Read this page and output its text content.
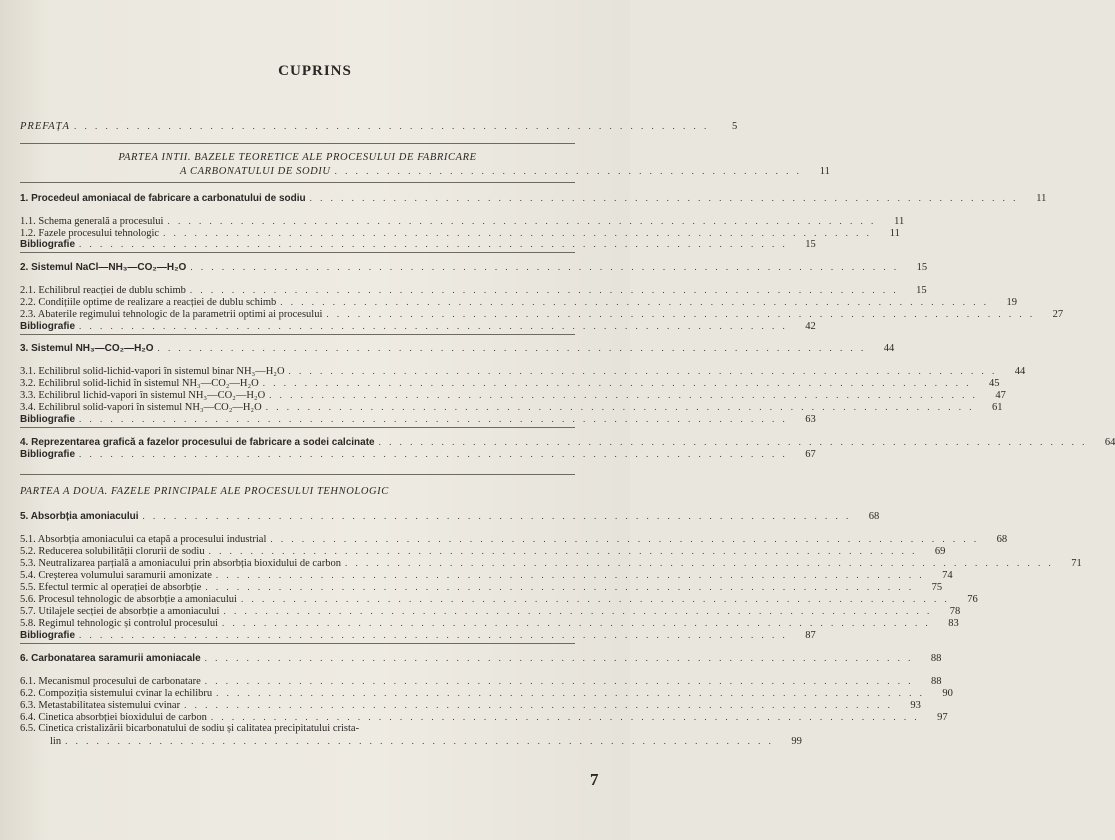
CUPRINS
PREFAȚA . . . . . . . . . . . . . . . . . . . . . . . . . . . . . . . . . . . . . . . . . . . . . . . . . . . . . . . . . . . . .	5
PARTEA INTII. BAZELE TEORETICE ALE PROCESULUI DE FABRICARE
A CARBONATULUI DE SODIU . . . . . . . . . . . . . . . . . . . . . . . . . . . . . . . . . . . . . . . . . . . . .	11
1. Procedeul amoniacal de fabricare a carbonatului de sodiu . . . . . . . . . . . . . . . . . . . . . . . . . . . . . . . . . . . . . . . . . . . . . . . . . . . . . . . . . . . . . . . . . . . .	11
1.1. Schema generală a procesului . . . . . . . . . . . . . . . . . . . . . . . . . . . . . . . . . . . . . . . . . . . . . . . . . . . . . . . . . . . . . . . . . . . .	11
1.2. Fazele procesului tehnologic . . . . . . . . . . . . . . . . . . . . . . . . . . . . . . . . . . . . . . . . . . . . . . . . . . . . . . . . . . . . . . . . . . . .	11
Bibliografie . . . . . . . . . . . . . . . . . . . . . . . . . . . . . . . . . . . . . . . . . . . . . . . . . . . . . . . . . . . . . . . . . . . .	15
2. Sistemul NaCl—NH₃—CO₂—H₂O . . . . . . . . . . . . . . . . . . . . . . . . . . . . . . . . . . . . . . . . . . . . . . . . . . . . . . . . . . . . . . . . . . . .	15
2.1. Echilibrul reacției de dublu schimb . . . . . . . . . . . . . . . . . . . . . . . . . . . . . . . . . . . . . . . . . . . . . . . . . . . . . . . . . . . . . . . . . . . .	15
2.2. Condițiile optime de realizare a reacției de dublu schimb . . . . . . . . . . . . . . . . . . . . . . . . . . . . . . . . . . . . . . . . . . . . . . . . . . . . . . . . . . . . . . . . . . . .	19
2.3. Abaterile regimului tehnologic de la parametrii optimi ai procesului . . . . . . . . . . . . . . . . . . . . . . . . . . . . . . . . . . . . . . . . . . . . . . . . . . . . . . . . . . . . . . . . . . . .	27
Bibliografie . . . . . . . . . . . . . . . . . . . . . . . . . . . . . . . . . . . . . . . . . . . . . . . . . . . . . . . . . . . . . . . . . . . .	42
3. Sistemul NH₃—CO₂—H₂O . . . . . . . . . . . . . . . . . . . . . . . . . . . . . . . . . . . . . . . . . . . . . . . . . . . . . . . . . . . . . . . . . . . .	44
3.1. Echilibrul solid-lichid-vapori în sistemul binar NH₃—H₂O . . . . . . . . . . . . . . . . . . . . . . . . . . . . . . . . . . . . . . . . . . . . . . . . . . . . . . . . . . . . . . . . . . . .	44
3.2. Echilibrul solid-lichid în sistemul NH₃—CO₂—H₂O . . . . . . . . . . . . . . . . . . . . . . . . . . . . . . . . . . . . . . . . . . . . . . . . . . . . . . . . . . . . . . . . . . . .	45
3.3. Echilibrul lichid-vapori în sistemul NH₃—CO₂—H₂O . . . . . . . . . . . . . . . . . . . . . . . . . . . . . . . . . . . . . . . . . . . . . . . . . . . . . . . . . . . . . . . . . . . .	47
3.4. Echilibrul solid-vapori în sistemul NH₃—CO₂—H₂O . . . . . . . . . . . . . . . . . . . . . . . . . . . . . . . . . . . . . . . . . . . . . . . . . . . . . . . . . . . . . . . . . . . .	61
Bibliografie . . . . . . . . . . . . . . . . . . . . . . . . . . . . . . . . . . . . . . . . . . . . . . . . . . . . . . . . . . . . . . . . . . . .	63
4. Reprezentarea grafică a fazelor procesului de fabricare a sodei calcinate . . . . . . . . . . . . . . . . . . . . . . . . . . . . . . . . . . . . . . . . . . . . . . . . . . . . . . . . . . . . . . . . . . . .	64
Bibliografie . . . . . . . . . . . . . . . . . . . . . . . . . . . . . . . . . . . . . . . . . . . . . . . . . . . . . . . . . . . . . . . . . . . .	67
5. Absorbția amoniacului . . . . . . . . . . . . . . . . . . . . . . . . . . . . . . . . . . . . . . . . . . . . . . . . . . . . . . . . . . . . . . . . . . . .	68
5.1. Absorbția amoniacului ca etapă a procesului industrial . . . . . . . . . . . . . . . . . . . . . . . . . . . . . . . . . . . . . . . . . . . . . . . . . . . . . . . . . . . . . . . . . . . .	68
5.2. Reducerea solubilității clorurii de sodiu . . . . . . . . . . . . . . . . . . . . . . . . . . . . . . . . . . . . . . . . . . . . . . . . . . . . . . . . . . . . . . . . . . . .	69
5.3. Neutralizarea parțială a amoniacului prin absorbția bioxidului de carbon . . . . . . . . . . . . . . . . . . . . . . . . . . . . . . . . . . . . . . . . . . . . . . . . . . . . . . . . . . . . . . . . . . . .	71
5.4. Creșterea volumului saramurii amonizate . . . . . . . . . . . . . . . . . . . . . . . . . . . . . . . . . . . . . . . . . . . . . . . . . . . . . . . . . . . . . . . . . . . .	74
5.5. Efectul termic al operației de absorbție . . . . . . . . . . . . . . . . . . . . . . . . . . . . . . . . . . . . . . . . . . . . . . . . . . . . . . . . . . . . . . . . . . . .	75
5.6. Procesul tehnologic de absorbție a amoniacului . . . . . . . . . . . . . . . . . . . . . . . . . . . . . . . . . . . . . . . . . . . . . . . . . . . . . . . . . . . . . . . . . . . .	76
5.7. Utilajele secției de absorbție a amoniacului . . . . . . . . . . . . . . . . . . . . . . . . . . . . . . . . . . . . . . . . . . . . . . . . . . . . . . . . . . . . . . . . . . . .	78
5.8. Regimul tehnologic și controlul procesului . . . . . . . . . . . . . . . . . . . . . . . . . . . . . . . . . . . . . . . . . . . . . . . . . . . . . . . . . . . . . . . . . . . .	83
Bibliografie . . . . . . . . . . . . . . . . . . . . . . . . . . . . . . . . . . . . . . . . . . . . . . . . . . . . . . . . . . . . . . . . . . . .	87
6. Carbonatarea saramurii amoniacale . . . . . . . . . . . . . . . . . . . . . . . . . . . . . . . . . . . . . . . . . . . . . . . . . . . . . . . . . . . . . . . . . . . .	88
6.1. Mecanismul procesului de carbonatare . . . . . . . . . . . . . . . . . . . . . . . . . . . . . . . . . . . . . . . . . . . . . . . . . . . . . . . . . . . . . . . . . . . .	88
6.2. Compoziția sistemului cvinar la echilibru . . . . . . . . . . . . . . . . . . . . . . . . . . . . . . . . . . . . . . . . . . . . . . . . . . . . . . . . . . . . . . . . . . . .	90
6.3. Metastabilitatea sistemului cvinar . . . . . . . . . . . . . . . . . . . . . . . . . . . . . . . . . . . . . . . . . . . . . . . . . . . . . . . . . . . . . . . . . . . .	93
6.4. Cinetica absorbției bioxidului de carbon . . . . . . . . . . . . . . . . . . . . . . . . . . . . . . . . . . . . . . . . . . . . . . . . . . . . . . . . . . . . . . . . . . . .	97
6.5. Cinetica cristalizării bicarbonatului de sodiu și calitatea precipitatului crista-
lin . . . . . . . . . . . . . . . . . . . . . . . . . . . . . . . . . . . . . . . . . . . . . . . . . . . . . . . . . . . . . . . . . . . .	99
PARTEA A DOUA. FAZELE PRINCIPALE ALE PROCESULUI TEHNOLOGIC
7
